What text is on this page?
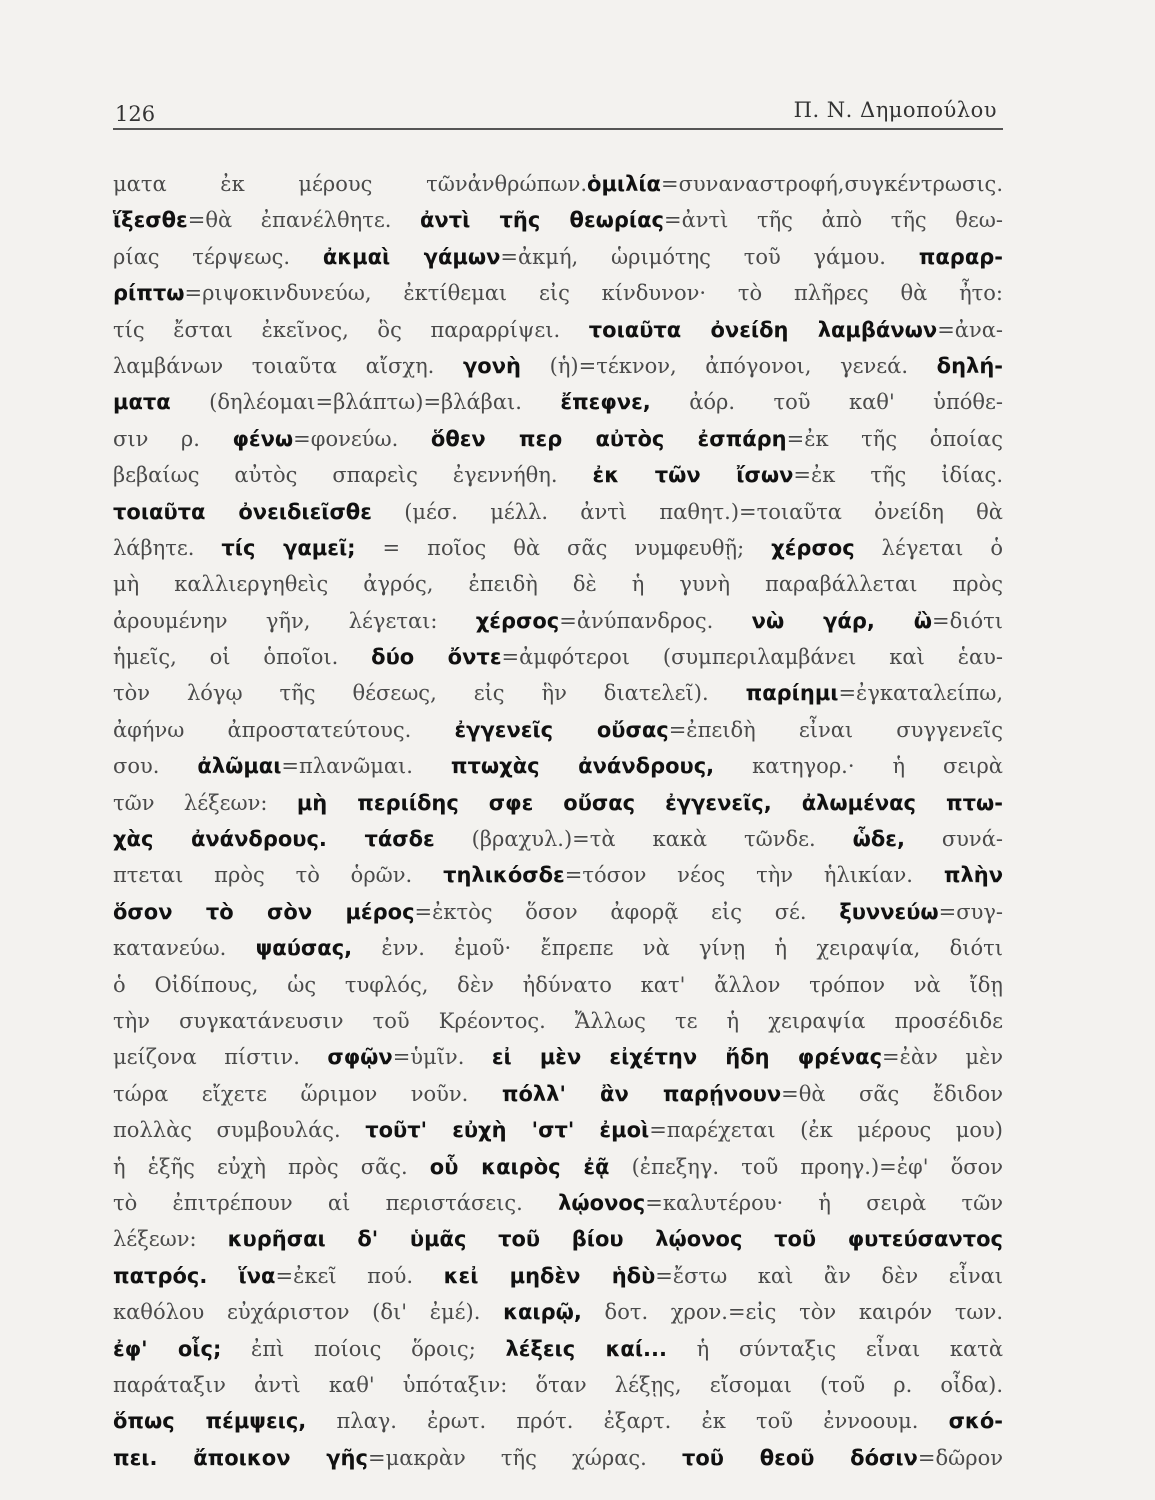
126	Π. Ν. Δημοπούλου
ματα ἐκ μέρους τῶνἀνθρώπων.ὁμιλία=συναναστροφή,συγκέντρωσις.
ἵξεσθε=θὰ ἐπανέλθητε. ἀντὶ τῆς θεωρίας=ἀντὶ τῆς ἀπὸ τῆς θεω-
ρίας τέρψεως. ἀκμαὶ γάμων=ἀκμή, ὡριμότης τοῦ γάμου. παραρ-
ρίπτω=ριψοκινδυνεύω, ἐκτίθεμαι εἰς κίνδυνον· τὸ πλῆρες θὰ ἦτο:
τίς ἔσται ἐκεῖνος, ὃς παραρρίψει. τοιαῦτα ὀνείδη λαμβάνων=ἀνα-
λαμβάνων τοιαῦτα αἴσχη. γονὴ (ἡ)=τέκνον, ἀπόγονοι, γενεά. δηλή-
ματα (δηλέομαι=βλάπτω)=βλάβαι. ἔπεφνε, ἀόρ. τοῦ καθ' ὑπόθε-
σιν ρ. φένω=φονεύω. ὅθεν περ αὐτὸς ἐσπάρη=ἐκ τῆς ὁποίας
βεβαίως αὐτὸς σπαρεὶς ἐγεννήθη. ἐκ τῶν ἴσων=ἐκ τῆς ἰδίας.
τοιαῦτα ὀνειδιεῖσθε (μέσ. μέλλ. ἀντὶ παθητ.)=τοιαῦτα ὀνείδη θὰ
λάβητε. τίς γαμεῖ; = ποῖος θὰ σᾶς νυμφευθῇ; χέρσος λέγεται ὁ
μὴ καλλιεργηθεὶς ἀγρός, ἐπειδὴ δὲ ἡ γυνὴ παραβάλλεται πρὸς
ἀρουμένην γῆν, λέγεται: χέρσος=ἀνύπανδρος. νὼ γάρ, ὢ=διότι
ἡμεῖς, οἱ ὁποῖοι. δύο ὄντε=ἀμφότεροι (συμπεριλαμβάνει καὶ ἑαυ-
τὸν λόγῳ τῆς θέσεως, εἰς ἣν διατελεῖ). παρίημι=ἐγκαταλείπω,
ἀφήνω ἀπροστατεύτους. ἐγγενεῖς οὔσας=ἐπειδὴ εἶναι συγγενεῖς
σου. ἀλῶμαι=πλανῶμαι. πτωχὰς ἀνάνδρους, κατηγορ.· ἡ σειρὰ
τῶν λέξεων: μὴ περιίδης σφε οὔσας ἐγγενεῖς, ἀλωμένας πτω-
χὰς ἀνάνδρους. τάσδε (βραχυλ.)=τὰ κακὰ τῶνδε. ὧδε, συνά-
πτεται πρὸς τὸ ὁρῶν. τηλικόσδε=τόσον νέος τὴν ἡλικίαν. πλὴν
ὅσον τὸ σὸν μέρος=ἐκτὸς ὅσον ἀφορᾷ εἰς σέ. ξυννεύω=συγ-
κατανεύω. ψαύσας, ἐνν. ἐμοῦ· ἔπρεπε νὰ γίνῃ ἡ χειραψία, διότι
ὁ Οἰδίπους, ὡς τυφλός, δὲν ἠδύνατο κατ' ἄλλον τρόπον νὰ ἴδῃ
τὴν συγκατάνευσιν τοῦ Κρέοντος. Ἄλλως τε ἡ χειραψία προσέδιδε
μείζονα πίστιν. σφῷν=ὑμῖν. εἰ μὲν εἰχέτην ἤδη φρένας=ἐὰν μὲν
τώρα εἴχετε ὥριμον νοῦν. πόλλ' ἂν παρῄνουν=θὰ σᾶς ἔδιδον
πολλὰς συμβουλάς. τοῦτ' εὐχὴ 'στ' ἐμοὶ=παρέχεται (ἐκ μέρους μου)
ἡ ἑξῆς εὐχὴ πρὸς σᾶς. οὗ καιρὸς ἐᾷ (ἐπεξηγ. τοῦ προηγ.)=ἐφ' ὅσον
τὸ ἐπιτρέπουν αἱ περιστάσεις. λῴονος=καλυτέρου· ἡ σειρὰ τῶν
λέξεων: κυρῆσαι δ' ὑμᾶς τοῦ βίου λῴονος τοῦ φυτεύσαντος
πατρός. ἵνα=ἐκεῖ πού. κεἰ μηδὲν ἡδὺ=ἔστω καὶ ἂν δὲν εἶναι
καθόλου εὐχάριστον (δι' ἐμέ). καιρῷ, δοτ. χρον.=εἰς τὸν καιρόν των.
ἐφ' οἷς; ἐπὶ ποίοις ὅροις; λέξεις καί... ἡ σύνταξις εἶναι κατὰ
παράταξιν ἀντὶ καθ' ὑπόταξιν: ὅταν λέξῃς, εἴσομαι (τοῦ ρ. οἶδα).
ὅπως πέμψεις, πλαγ. ἐρωτ. πρότ. ἐξαρτ. ἐκ τοῦ ἐννοουμ. σκό-
πει. ἄποικον γῆς=μακρὰν τῆς χώρας. τοῦ θεοῦ δόσιν=δῶρον
